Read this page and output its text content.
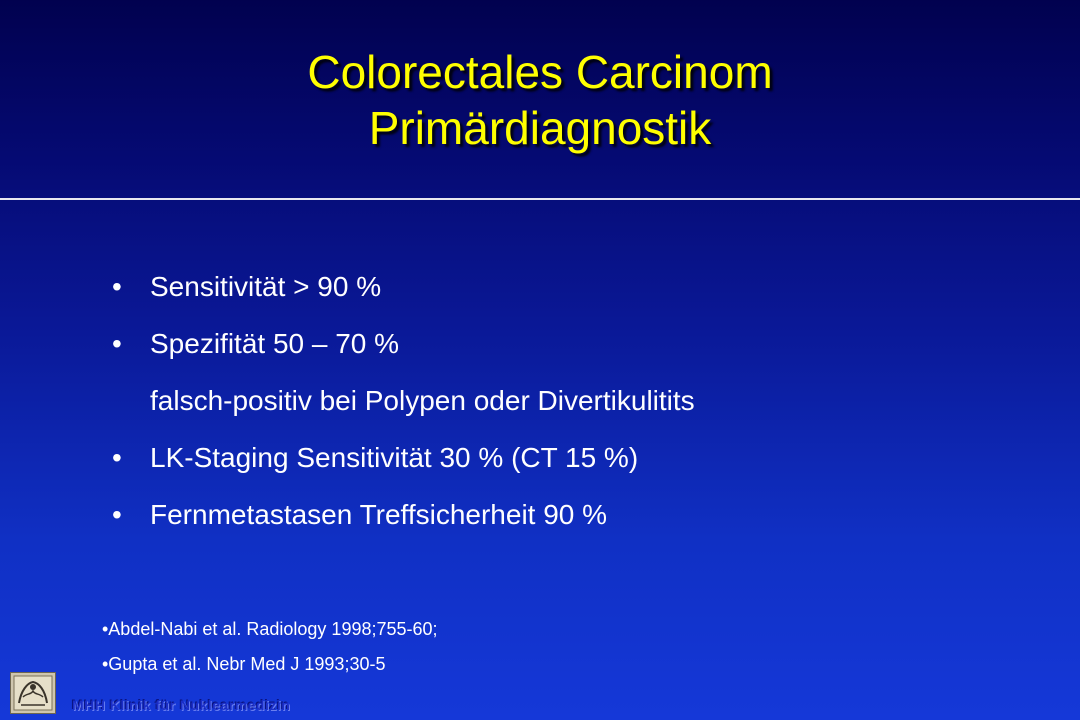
Colorectales Carcinom
Primärdiagnostik
• Sensitivität > 90 %
• Spezifität 50 – 70 %
falsch-positiv bei Polypen oder Divertikulitits
• LK-Staging Sensitivität 30 % (CT 15 %)
• Fernmetastasen Treffsicherheit 90 %
•Abdel-Nabi et al. Radiology 1998;755-60;
•Gupta et al. Nebr Med J 1993;30-5
MHH Klinik für Nuklearmedizin
